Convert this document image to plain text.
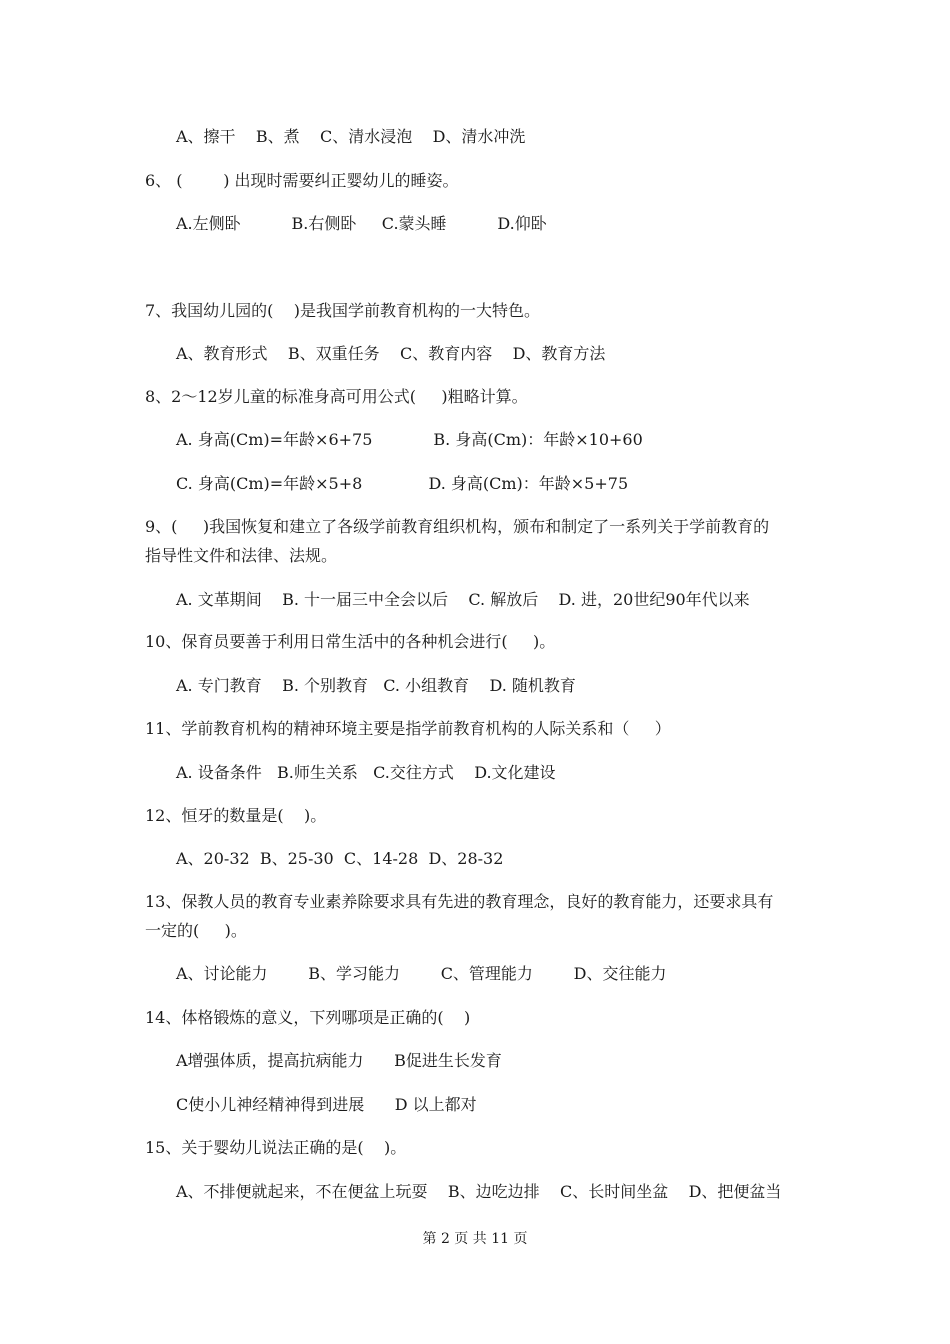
A、擦干    B、煮    C、清水浸泡    D、清水冲洗
6、 (        ) 出现时需要纠正婴幼儿的睡姿。
A.左侧卧          B.右侧卧     C.蒙头睡          D.仰卧
7、我国幼儿园的(    )是我国学前教育机构的一大特色。
A、教育形式    B、双重任务    C、教育内容    D、教育方法
8、2～12岁儿童的标准身高可用公式(     )粗略计算。
A. 身高(Cm)=年龄×6+75            B. 身高(Cm)：年龄×10+60
C. 身高(Cm)=年龄×5+8             D. 身高(Cm)：年龄×5+75
9、(     )我国恢复和建立了各级学前教育组织机构，颁布和制定了一系列关于学前教育的
指导性文件和法律、法规。
A. 文革期间    B. 十一届三中全会以后    C. 解放后    D. 进，20世纪90年代以来
10、保育员要善于利用日常生活中的各种机会进行(     )。
A. 专门教育    B. 个别教育   C. 小组教育    D. 随机教育
11、学前教育机构的精神环境主要是指学前教育机构的人际关系和（     ）
A. 设备条件   B.师生关系   C.交往方式    D.文化建设
12、恒牙的数量是(    )。
A、20-32  B、25-30  C、14-28  D、28-32
13、保教人员的教育专业素养除要求具有先进的教育理念，良好的教育能力，还要求具有
一定的(     )。
A、讨论能力        B、学习能力        C、管理能力        D、交往能力
14、体格锻炼的意义，下列哪项是正确的(    )
A增强体质，提高抗病能力      B促进生长发育
C使小儿神经精神得到进展      D 以上都对
15、关于婴幼儿说法正确的是(    )。
A、不排便就起来，不在便盆上玩耍    B、边吃边排    C、长时间坐盆    D、把便盆当
第 2 页 共 11 页
